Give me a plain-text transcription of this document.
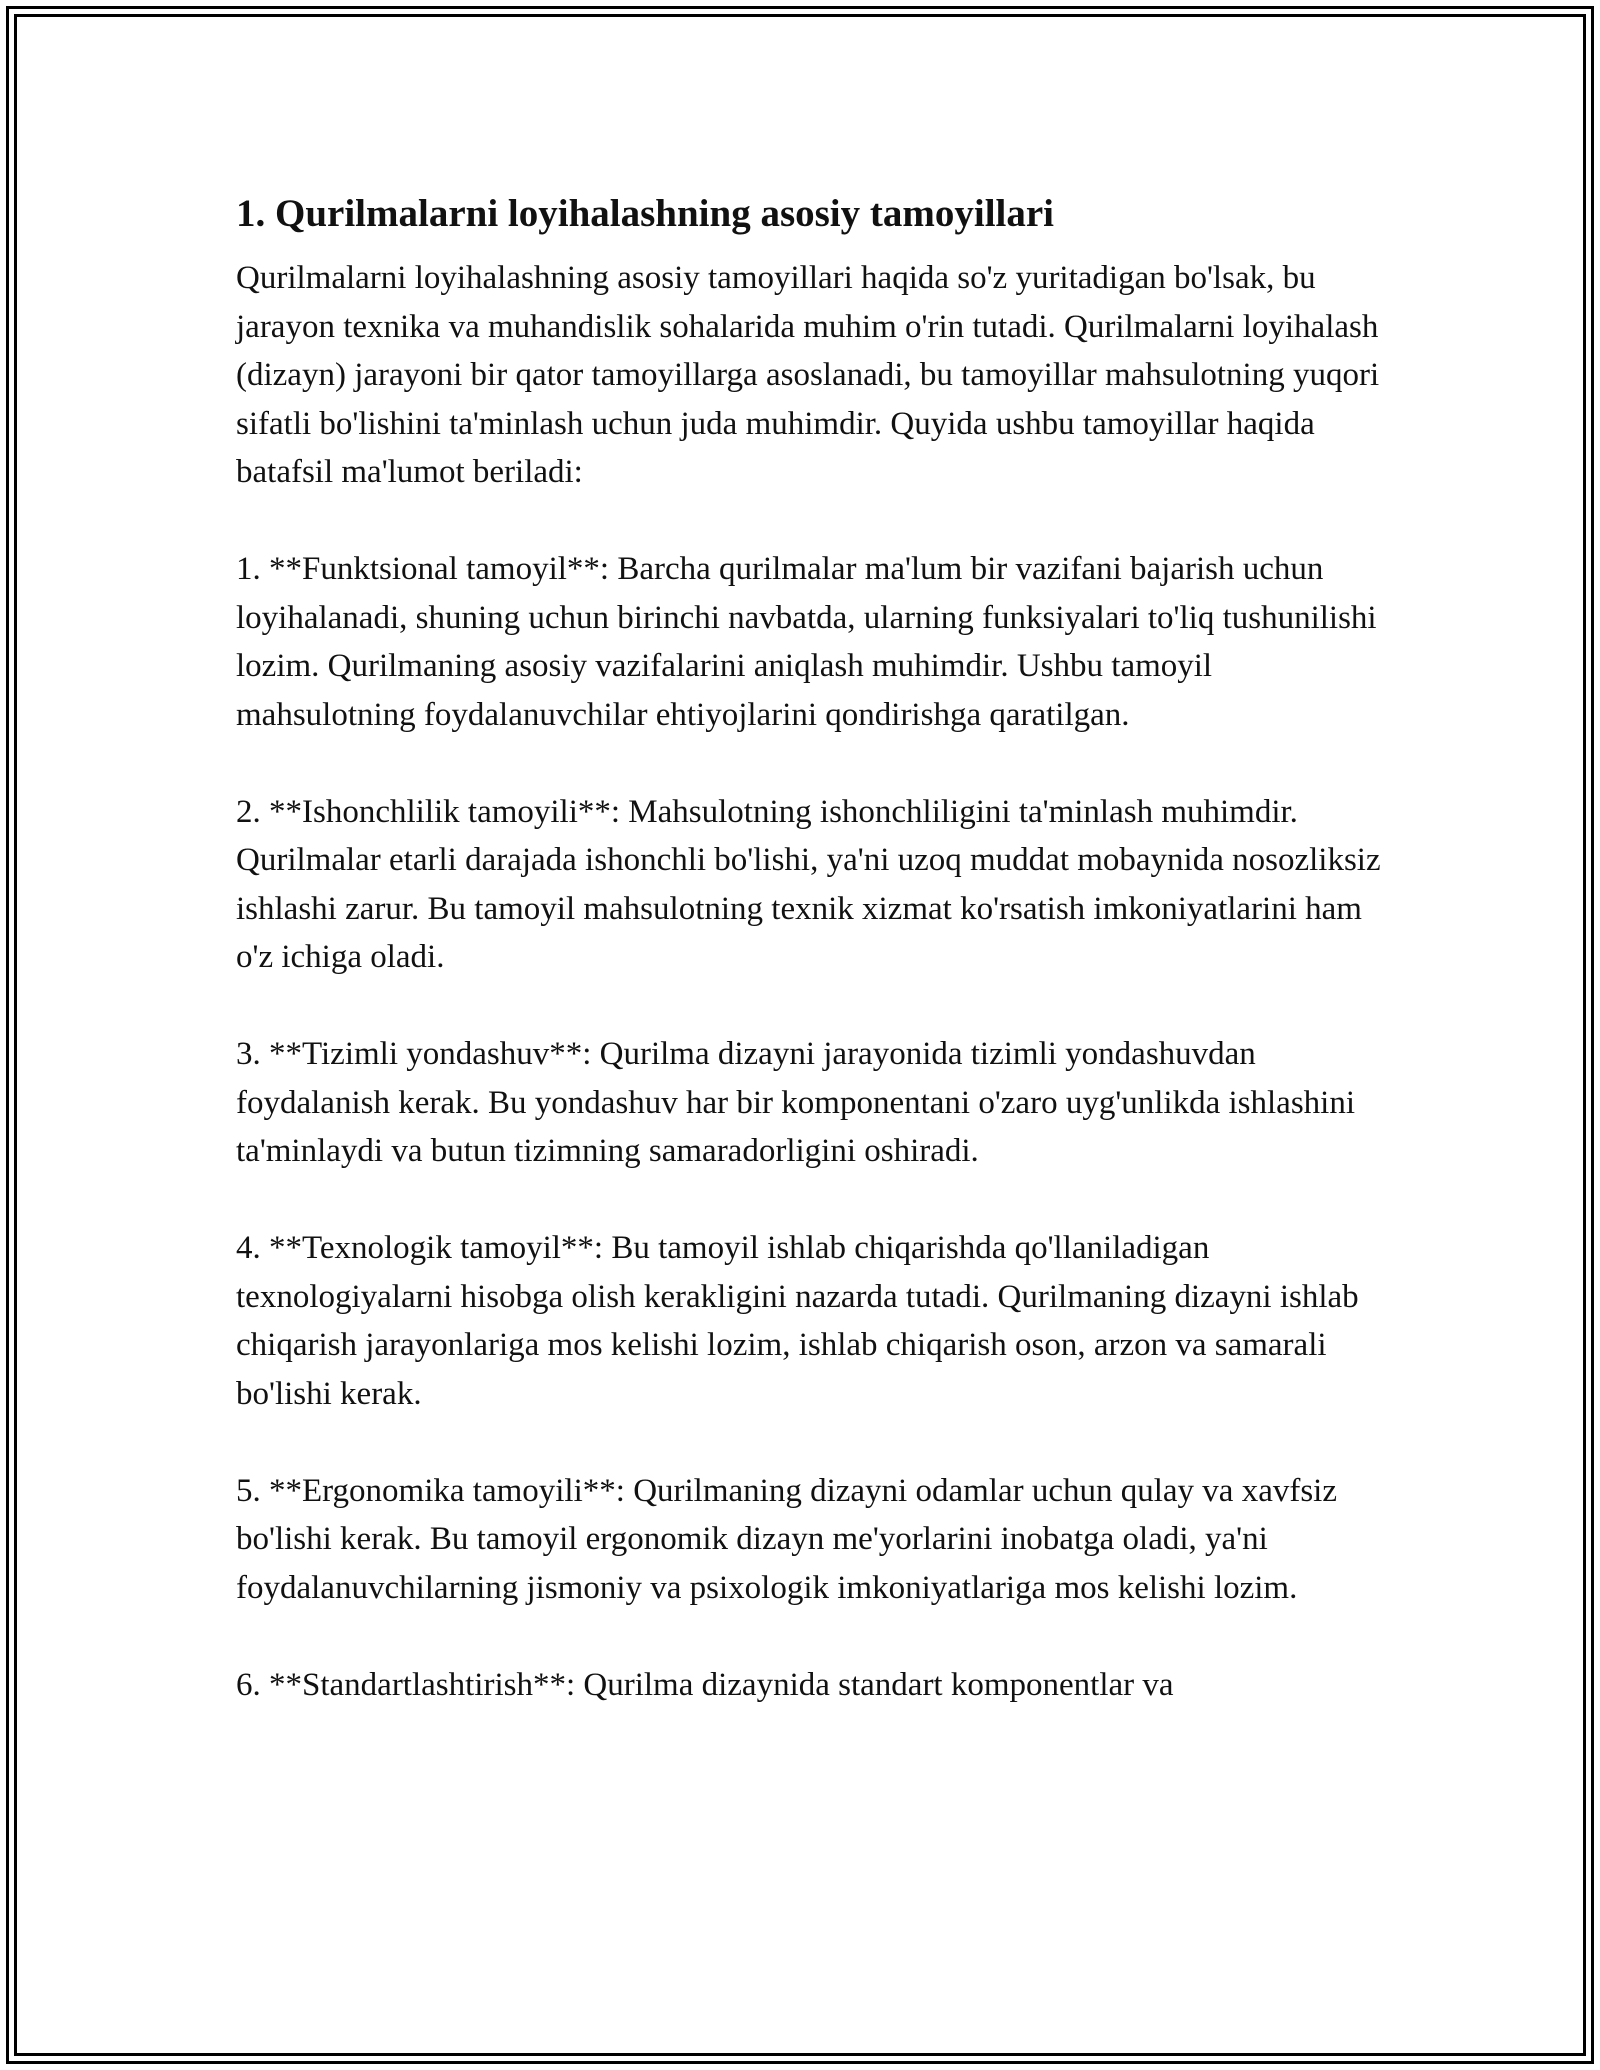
1. Qurilmalarni loyihalashning asosiy tamoyillari

Qurilmalarni loyihalashning asosiy tamoyillari haqida so'z yuritadigan bo'lsak, bu jarayon texnika va muhandislik sohalarida muhim o'rin tutadi. Qurilmalarni loyihalash (dizayn) jarayoni bir qator tamoyillarga asoslanadi, bu tamoyillar mahsulotning yuqori sifatli bo'lishini ta'minlash uchun juda muhimdir. Quyida ushbu tamoyillar haqida batafsil ma'lumot beriladi:

1. **Funktsional tamoyil**: Barcha qurilmalar ma'lum bir vazifani bajarish uchun loyihalanadi, shuning uchun birinchi navbatda, ularning funksiyalari to'liq tushunilishi lozim. Qurilmaning asosiy vazifalarini aniqlash muhimdir. Ushbu tamoyil mahsulotning foydalanuvchilar ehtiyojlarini qondirishga qaratilgan.

2. **Ishonchlilik tamoyili**: Mahsulotning ishonchliligini ta'minlash muhimdir. Qurilmalar etarli darajada ishonchli bo'lishi, ya'ni uzoq muddat mobaynida nosozliksiz ishlashi zarur. Bu tamoyil mahsulotning texnik xizmat ko'rsatish imkoniyatlarini ham o'z ichiga oladi.

3. **Tizimli yondashuv**: Qurilma dizayni jarayonida tizimli yondashuvdan foydalanish kerak. Bu yondashuv har bir komponentani o'zaro uyg'unlikda ishlashini ta'minlaydi va butun tizimning samaradorligini oshiradi.

4. **Texnologik tamoyil**: Bu tamoyil ishlab chiqarishda qo'llaniladigan texnologiyalarni hisobga olish kerakligini nazarda tutadi. Qurilmaning dizayni ishlab chiqarish jarayonlariga mos kelishi lozim, ishlab chiqarish oson, arzon va samarali bo'lishi kerak.

5. **Ergonomika tamoyili**: Qurilmaning dizayni odamlar uchun qulay va xavfsiz bo'lishi kerak. Bu tamoyil ergonomik dizayn me'yorlarini inobatga oladi, ya'ni foydalanuvchilarning jismoniy va psixologik imkoniyatlariga mos kelishi lozim.

6. **Standartlashtirish**: Qurilma dizaynida standart komponentlar va
